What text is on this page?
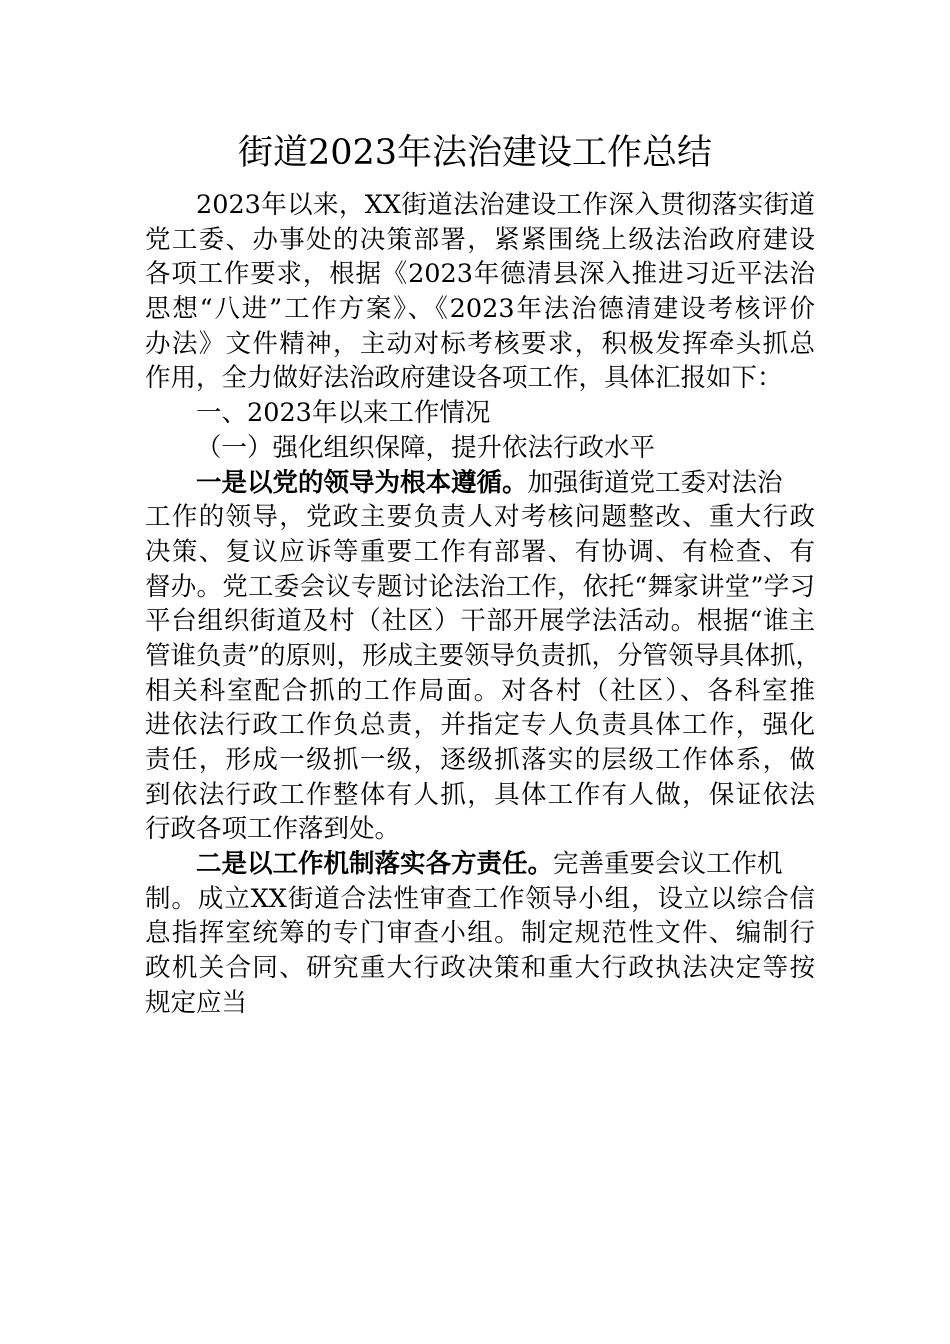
街道2023年法治建设工作总结
2023年以来，XX街道法治建设工作深入贯彻落实街道
党工委、办事处的决策部署，紧紧围绕上级法治政府建设
各项工作要求，根据《2023年德清县深入推进习近平法治
思想“八进”工作方案》、《2023年法治德清建设考核评价
办法》文件精神，主动对标考核要求，积极发挥牵头抓总
作用，全力做好法治政府建设各项工作，具体汇报如下：
一、2023年以来工作情况
（一）强化组织保障，提升依法行政水平
一是以党的领导为根本遵循。加强街道党工委对法治
工作的领导，党政主要负责人对考核问题整改、重大行政
决策、复议应诉等重要工作有部署、有协调、有检查、有
督办。党工委会议专题讨论法治工作，依托“舞家讲堂”学习
平台组织街道及村（社区）干部开展学法活动。根据“谁主
管谁负责”的原则，形成主要领导负责抓，分管领导具体抓，
相关科室配合抓的工作局面。对各村（社区）、各科室推
进依法行政工作负总责，并指定专人负责具体工作，强化
责任，形成一级抓一级，逐级抓落实的层级工作体系，做
到依法行政工作整体有人抓，具体工作有人做，保证依法
行政各项工作落到处。
二是以工作机制落实各方责任。完善重要会议工作机
制。成立XX街道合法性审查工作领导小组，设立以综合信
息指挥室统筹的专门审查小组。制定规范性文件、编制行
政机关合同、研究重大行政决策和重大行政执法决定等按
规定应当
